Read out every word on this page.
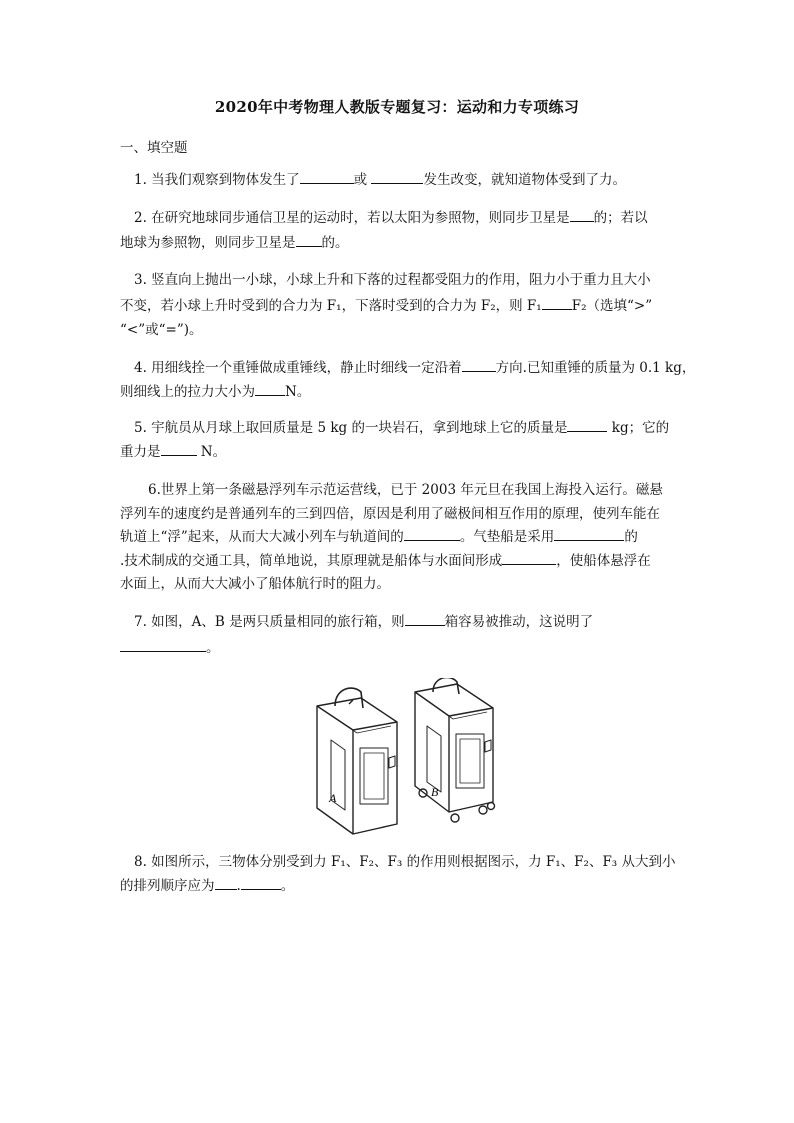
2020年中考物理人教版专题复习：运动和力专项练习
一、填空题
1. 当我们观察到物体发生了	或	发生改变，就知道物体受到了力。
2. 在研究地球同步通信卫星的运动时，若以太阳为参照物，则同步卫星是 的；若以
地球为参照物，则同步卫星是 的。
3. 竖直向上抛出一小球，小球上升和下落的过程都受阻力的作用，阻力小于重力且大小
不变，若小球上升时受到的合力为 F₁，下落时受到的合力为 F₂，则 F₁ F₂（选填“>”
“<”或“=”)。
4. 用细线拴一个重锤做成重锤线，静止时细线一定沿着	方向.已知重锤的质量为 0.1 kg，
则细线上的拉力大小为 N。
5. 宇航员从月球上取回质量是 5 kg 的一块岩石，拿到地球上它的质量是	kg；它的
重力是	N。
6.世界上第一条磁悬浮列车示范运营线，已于 2003 年元旦在我国上海投入运行。磁悬
浮列车的速度约是普通列车的三到四倍，原因是利用了磁极间相互作用的原理，使列车能在
轨道上“浮”起来，从而大大减小列车与轨道间的	。气垫船是采用	的
.技术制成的交通工具，简单地说，其原理就是船体与水面间形成	，使船体悬浮在
水面上，从而大大减小了船体航行时的阻力。
7. 如图，A、B 是两只质量相同的旅行箱，则	箱容易被推动，这说明了
。
A	B
8. 如图所示，三物体分别受到力 F₁、F₂、F₃ 的作用则根据图示，力 F₁、F₂、F₃ 从大到小
的排列顺序应为 .	。
